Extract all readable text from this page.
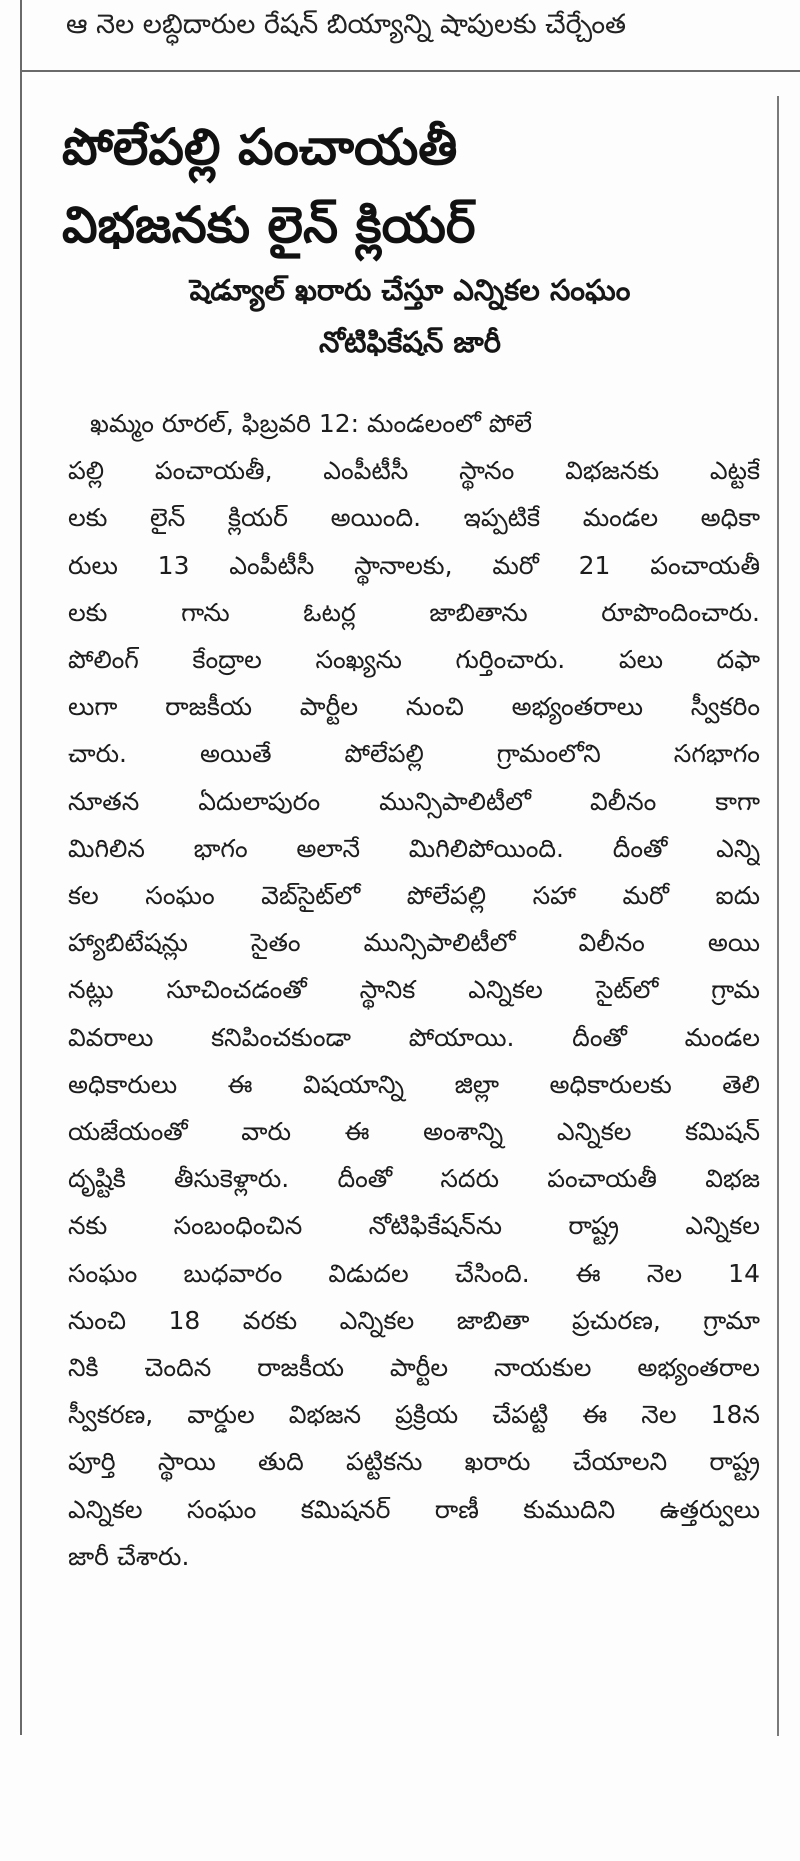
ఆ నెల లబ్ధిదారుల రేషన్ బియ్యాన్ని షాపులకు చేర్చేంత
పోలేపల్లి పంచాయతీ
విభజనకు లైన్ క్లియర్
షెడ్యూల్ ఖరారు చేస్తూ ఎన్నికల సంఘం
నోటిఫికేషన్ జారీ
ఖమ్మం రూరల్, ఫిబ్రవరి 12: మండలంలో పోలే
పల్లి పంచాయతీ, ఎంపీటీసీ స్థానం విభజనకు ఎట్టకే
లకు లైన్ క్లియర్ అయింది. ఇప్పటికే మండల అధికా
రులు 13 ఎంపీటీసీ స్థానాలకు, మరో 21 పంచాయతీ
లకు గాను ఓటర్ల జాబితాను రూపొందించారు.
పోలింగ్ కేంద్రాల సంఖ్యను గుర్తించారు. పలు దఫా
లుగా రాజకీయ పార్టీల నుంచి అభ్యంతరాలు స్వీకరిం
చారు. అయితే పోలేపల్లి గ్రామంలోని సగభాగం
నూతన ఏదులాపురం మున్సిపాలిటీలో విలీనం కాగా
మిగిలిన భాగం అలానే మిగిలిపోయింది. దీంతో ఎన్ని
కల సంఘం వెబ్‌సైట్‌లో పోలేపల్లి సహా మరో ఐదు
హ్యాబిటేషన్లు సైతం మున్సిపాలిటీలో విలీనం అయి
నట్లు సూచించడంతో స్థానిక ఎన్నికల సైట్‌లో గ్రామ
వివరాలు కనిపించకుండా పోయాయి. దీంతో మండల
అధికారులు ఈ విషయాన్ని జిల్లా అధికారులకు తెలి
యజేయంతో వారు ఈ అంశాన్ని ఎన్నికల కమిషన్
దృష్టికి తీసుకెళ్లారు. దీంతో సదరు పంచాయతీ విభజ
నకు సంబంధించిన నోటిఫికేషన్‌ను రాష్ట్ర ఎన్నికల
సంఘం బుధవారం విడుదల చేసింది. ఈ నెల 14
నుంచి 18 వరకు ఎన్నికల జాబితా ప్రచురణ, గ్రామా
నికి చెందిన రాజకీయ పార్టీల నాయకుల అభ్యంతరాల
స్వీకరణ, వార్డుల విభజన ప్రక్రియ చేపట్టి ఈ నెల 18న
పూర్తి స్థాయి తుది పట్టికను ఖరారు చేయాలని రాష్ట్ర
ఎన్నికల సంఘం కమిషనర్ రాణీ కుముదిని ఉత్తర్వులు
జారీ చేశారు.
